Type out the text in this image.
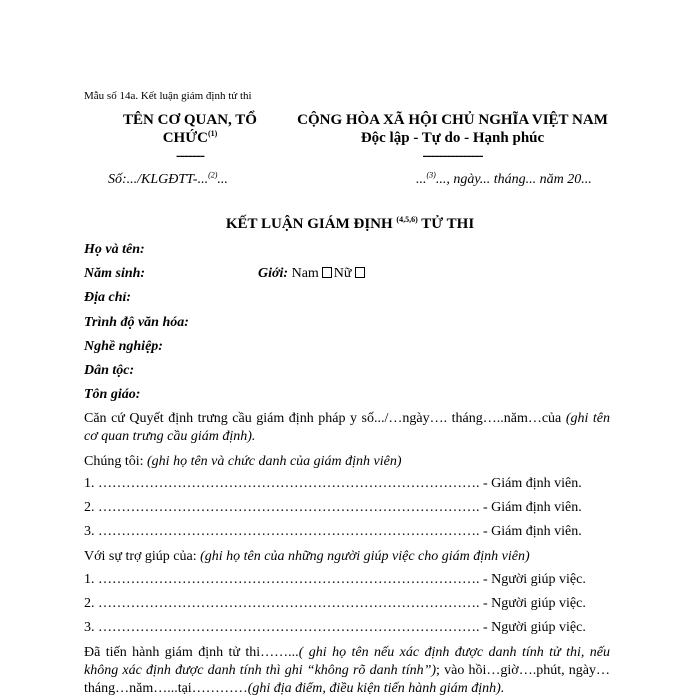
Mẫu số 14a. Kết luận giám định tử thi
TÊN CƠ QUAN, TỔ
CHỨC$^{(1)}$
-------
CỘNG HÒA XÃ HỘI CHỦ NGHĨA VIỆT NAM
Độc lập - Tự do - Hạnh phúc
---------------
Số:.../KLGĐTT-...$^{(2)}$...	...$^{(3)}$..., ngày... tháng... năm 20...
KẾT LUẬN GIÁM ĐỊNH $^{(4,5,6)}$ TỬ THI
Họ và tên:
Năm sinh:	Giới: Nam Nữ
Địa chỉ:
Trình độ văn hóa:
Nghề nghiệp:
Dân tộc:
Tôn giáo:
Căn cứ Quyết định trưng cầu giám định pháp y số.../…ngày…. tháng…..năm…của (ghi tên cơ quan trưng cầu giám định).
Chúng tôi: (ghi họ tên và chức danh của giám định viên)
1. ………………………………………………………………………. - Giám định viên.
2. ………………………………………………………………………. - Giám định viên.
3. ………………………………………………………………………. - Giám định viên.
Với sự trợ giúp của: (ghi họ tên của những người giúp việc cho giám định viên)
1. ………………………………………………………………………. - Người giúp việc.
2. ………………………………………………………………………. - Người giúp việc.
3. ………………………………………………………………………. - Người giúp việc.
Đã tiến hành giám định tử thi……...( ghi họ tên nếu xác định được danh tính tử thi, nếu không xác định được danh tính thì ghi “không rõ danh tính”); vào hồi…giờ….phút, ngày…tháng…năm…...tại…………(ghi địa điểm, điều kiện tiến hành giám định).
